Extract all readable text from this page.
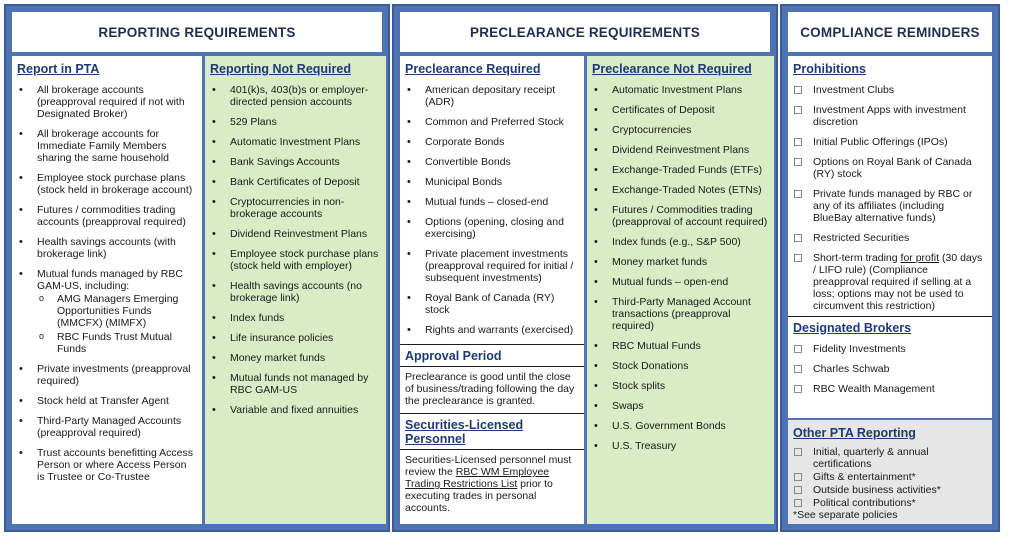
REPORTING REQUIREMENTS
Report in PTA
• All brokerage accounts (preapproval required if not with Designated Broker)
• All brokerage accounts for Immediate Family Members sharing the same household
• Employee stock purchase plans (stock held in brokerage account)
• Futures / commodities trading accounts (preapproval required)
• Health savings accounts (with brokerage link)
• Mutual funds managed by RBC GAM-US, including:
o AMG Managers Emerging Opportunities Funds (MMCFX) (MIMFX)
o RBC Funds Trust Mutual Funds
• Private investments (preapproval required)
• Stock held at Transfer Agent
• Third-Party Managed Accounts (preapproval required)
• Trust accounts benefitting Access Person or where Access Person is Trustee or Co-Trustee
Reporting Not Required
• 401(k)s, 403(b)s or employer-directed pension accounts
• 529 Plans
• Automatic Investment Plans
• Bank Savings Accounts
• Bank Certificates of Deposit
• Cryptocurrencies in non-brokerage accounts
• Dividend Reinvestment Plans
• Employee stock purchase plans (stock held with employer)
• Health savings accounts (no brokerage link)
• Index funds
• Life insurance policies
• Money market funds
• Mutual funds not managed by RBC GAM-US
• Variable and fixed annuities
PRECLEARANCE REQUIREMENTS
Preclearance Required
• American depositary receipt (ADR)
• Common and Preferred Stock
• Corporate Bonds
• Convertible Bonds
• Municipal Bonds
• Mutual funds – closed-end
• Options (opening, closing and exercising)
• Private placement investments (preapproval required for initial / subsequent investments)
• Royal Bank of Canada (RY) stock
• Rights and warrants (exercised)
Approval Period

Preclearance is good until the close of business/trading following the day the preclearance is granted.

Securities-Licensed Personnel

Securities-Licensed personnel must review the RBC WM Employee Trading Restrictions List prior to executing trades in personal accounts.

Preclearance Not Required
• Automatic Investment Plans
• Certificates of Deposit
• Cryptocurrencies
• Dividend Reinvestment Plans
• Exchange-Traded Funds (ETFs)
• Exchange-Traded Notes (ETNs)
• Futures / Commodities trading (preapproval of account required)
• Index funds (e.g., S&P 500)
• Money market funds
• Mutual funds – open-end
• Third-Party Managed Account transactions (preapproval required)
• RBC Mutual Funds
• Stock Donations
• Stock splits
• Swaps
• U.S. Government Bonds
• U.S. Treasury
COMPLIANCE REMINDERS
Prohibitions
Investment Clubs
Investment Apps with investment discretion
Initial Public Offerings (IPOs)
Options on Royal Bank of Canada (RY) stock
Private funds managed by RBC or any of its affiliates (including BlueBay alternative funds)
Restricted Securities
Short-term trading for profit (30 days / LIFO rule) (Compliance preapproval required if selling at a loss; options may not be used to circumvent this restriction)
Designated Brokers
Fidelity Investments
Charles Schwab
RBC Wealth Management
Other PTA Reporting
Initial, quarterly & annual certifications
Gifts & entertainment*
Outside business activities*
Political contributions*

*See separate policies
